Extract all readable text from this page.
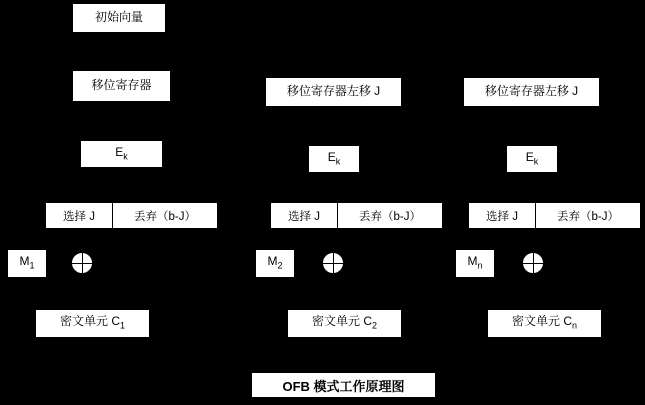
初始向量
移位寄存器
$E_k$
选择 J	丢弃（b-J）
$M_1$
密文单元 $C_1$
移位寄存器左移 J
$E_k$
选择 J	丢弃（b-J）
$M_2$
密文单元 $C_2$
移位寄存器左移 J
$E_k$
选择 J	丢弃（b-J）
$M_n$
密文单元 $C_n$
OFB 模式工作原理图
